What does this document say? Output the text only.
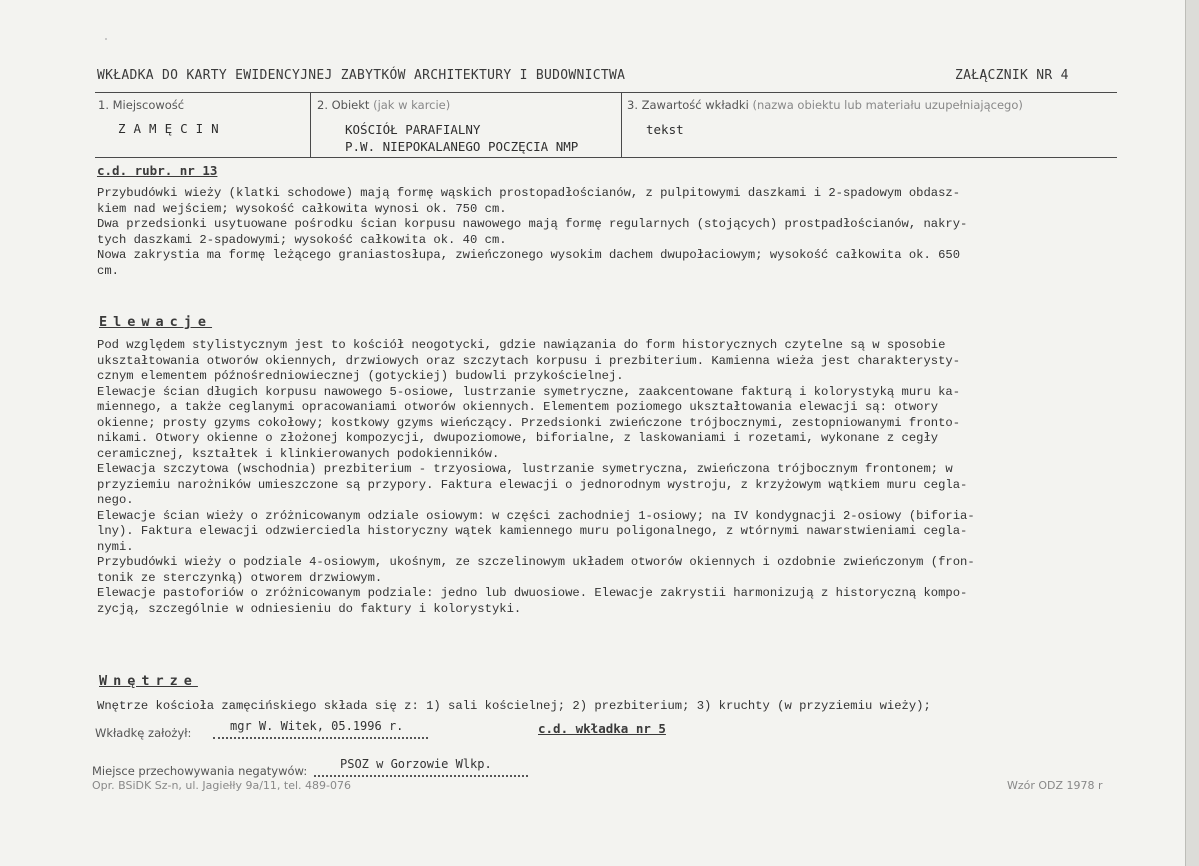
WKŁADKA DO KARTY EWIDENCYJNEJ ZABYTKÓW ARCHITEKTURY I BUDOWNICTWA	ZAŁĄCZNIK NR 4
1. Miejscowość
ZAMĘCIN
2. Obiekt (jak w karcie)
KOŚCIÓŁ PARAFIALNY
P.W. NIEPOKALANEGO POCZĘCIA NMP
3. Zawartość wkładki (nazwa obiektu lub materiału uzupełniającego)
tekst
c.d. rubr. nr 13
Przybudówki wieży (klatki schodowe) mają formę wąskich prostopadłościanów, z pulpitowymi daszkami i 2-spadowym obdasz-
kiem nad wejściem; wysokość całkowita wynosi ok. 750 cm.
Dwa przedsionki usytuowane pośrodku ścian korpusu nawowego mają formę regularnych (stojących) prostpadłościanów, nakry-
tych daszkami 2-spadowymi; wysokość całkowita ok. 40 cm.
Nowa zakrystia ma formę leżącego graniastosłupa, zwieńczonego wysokim dachem dwupołaciowym; wysokość całkowita ok. 650
cm.
Elewacje
Pod względem stylistycznym jest to kościół neogotycki, gdzie nawiązania do form historycznych czytelne są w sposobie
ukształtowania otworów okiennych, drzwiowych oraz szczytach korpusu i prezbiterium. Kamienna wieża jest charakterysty-
cznym elementem późnośredniowiecznej (gotyckiej) budowli przykościelnej.
Elewacje ścian długich korpusu nawowego 5-osiowe, lustrzanie symetryczne, zaakcentowane fakturą i kolorystyką muru ka-
miennego, a także ceglanymi opracowaniami otworów okiennych. Elementem poziomego ukształtowania elewacji są: otwory
okienne; prosty gzyms cokołowy; kostkowy gzyms wieńczący. Przedsionki zwieńczone trójbocznymi, zestopniowanymi fronto-
nikami. Otwory okienne o złożonej kompozycji, dwupoziomowe, biforialne, z laskowaniami i rozetami, wykonane z cegły
ceramicznej, kształtek i klinkierowanych podokienników.
Elewacja szczytowa (wschodnia) prezbiterium - trzyosiowa, lustrzanie symetryczna, zwieńczona trójbocznym frontonem; w
przyziemiu narożników umieszczone są przypory. Faktura elewacji o jednorodnym wystroju, z krzyżowym wątkiem muru cegla-
nego.
Elewacje ścian wieży o zróżnicowanym odziale osiowym: w części zachodniej 1-osiowy; na IV kondygnacji 2-osiowy (biforia-
lny). Faktura elewacji odzwierciedla historyczny wątek kamiennego muru poligonalnego, z wtórnymi nawarstwieniami cegla-
nymi.
Przybudówki wieży o podziale 4-osiowym, ukośnym, ze szczelinowym układem otworów okiennych i ozdobnie zwieńczonym (fron-
tonik ze sterczynką) otworem drzwiowym.
Elewacje pastoforiów o zróżnicowanym podziale: jedno lub dwuosiowe. Elewacje zakrystii harmonizują z historyczną kompo-
zycją, szczególnie w odniesieniu do faktury i kolorystyki.
Wnętrze
Wnętrze kościoła zamęcińskiego składa się z: 1) sali kościelnej; 2) prezbiterium; 3) kruchty (w przyziemiu wieży);
Wkładkę założył:	mgr W. Witek, 05.1996 r.	c.d. wkładka nr 5
Miejsce przechowywania negatywów:	PSOZ w Gorzowie Wlkp.
Opr. BSiDK Sz-n, ul. Jagiełły 9a/11, tel. 489-076	Wzór ODZ 1978 r
